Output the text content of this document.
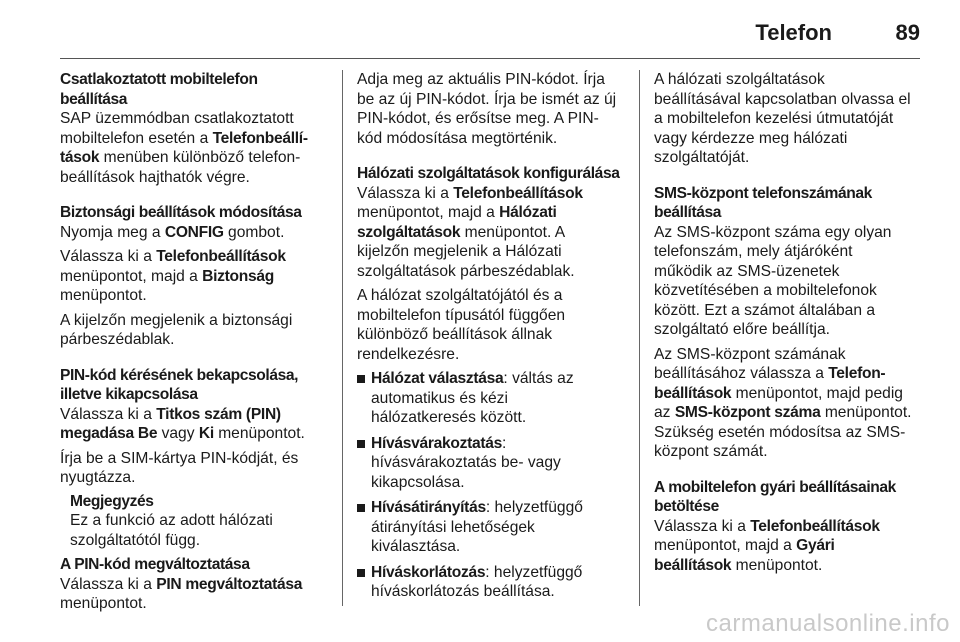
Telefon	89

Csatlakoztatott mobiltelefon
beállítása

SAP üzemmódban csatlakoztatott
mobiltelefon esetén a Telefonbeállí-
tások menüben különböző telefon-
beállítások hajthatók végre.

Biztonsági beállítások módosítása

Nyomja meg a CONFIG gombot.

Válassza ki a Telefonbeállítások
menüpontot, majd a Biztonság
menüpontot.

A kijelzőn megjelenik a biztonsági
párbeszédablak.

PIN-kód kérésének bekapcsolása,
illetve kikapcsolása

Válassza ki a Titkos szám (PIN)
megadása Be vagy Ki menüpontot.

Írja be a SIM-kártya PIN-kódját, és
nyugtázza.

Megjegyzés

Ez a funkció az adott hálózati
szolgáltatótól függ.

A PIN-kód megváltoztatása

Válassza ki a PIN megváltoztatása
menüpontot.

Adja meg az aktuális PIN-kódot. Írja
be az új PIN-kódot. Írja be ismét az új
PIN-kódot, és erősítse meg. A PIN-
kód módosítása megtörténik.

Hálózati szolgáltatások konfigurálása

Válassza ki a Telefonbeállítások
menüpontot, majd a Hálózati
szolgáltatások menüpontot. A
kijelzőn megjelenik a Hálózati
szolgáltatások párbeszédablak.

A hálózat szolgáltatójától és a
mobiltelefon típusától függően
különböző beállítások állnak
rendelkezésre.

Hálózat választása: váltás az
automatikus és kézi
hálózatkeresés között.
Hívásvárakoztatás:
hívásvárakoztatás be- vagy
kikapcsolása.
Hívásátirányítás: helyzetfüggő
átirányítási lehetőségek
kiválasztása.
Híváskorlátozás: helyzetfüggő
híváskorlátozás beállítása.

A hálózati szolgáltatások
beállításával kapcsolatban olvassa el
a mobiltelefon kezelési útmutatóját
vagy kérdezze meg hálózati
szolgáltatóját.

SMS-központ telefonszámának
beállítása

Az SMS-központ száma egy olyan
telefonszám, mely átjáróként
működik az SMS-üzenetek
közvetítésében a mobiltelefonok
között. Ezt a számot általában a
szolgáltató előre beállítja.

Az SMS-központ számának
beállításához válassza a Telefon-
beállítások menüpontot, majd pedig
az SMS-központ száma menüpontot.
Szükség esetén módosítsa az SMS-
központ számát.

A mobiltelefon gyári beállításainak
betöltése

Válassza ki a Telefonbeállítások
menüpontot, majd a Gyári
beállítások menüpontot.

carmanualsonline.info
